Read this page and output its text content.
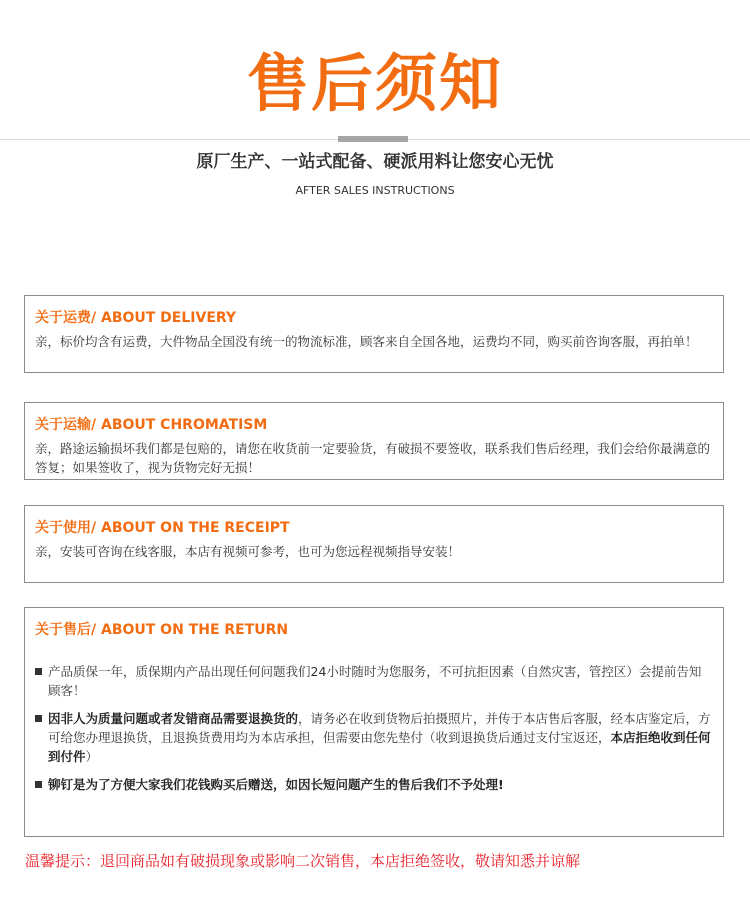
售后须知
原厂生产、一站式配备、硬派用料让您安心无忧
AFTER SALES INSTRUCTIONS
关于运费/ ABOUT DELIVERY
亲，标价均含有运费，大件物品全国没有统一的物流标准，顾客来自全国各地，运费均不同，购买前咨询客服，再拍单！
关于运输/ ABOUT CHROMATISM
亲，路途运输损坏我们都是包赔的，请您在收货前一定要验货，有破损不要签收，联系我们售后经理，我们会给你最满意的答复；如果签收了，视为货物完好无损！
关于使用/ ABOUT ON THE RECEIPT
亲，安装可咨询在线客服，本店有视频可参考，也可为您远程视频指导安装！
关于售后/ ABOUT ON THE RETURN
产品质保一年，质保期内产品出现任何问题我们24小时随时为您服务，不可抗拒因素（自然灾害，管控区）会提前告知顾客！
因非人为质量问题或者发错商品需要退换货的，请务必在收到货物后拍摄照片，并传于本店售后客服，经本店鉴定后，方可给您办理退换货，且退换货费用均为本店承担，但需要由您先垫付（收到退换货后通过支付宝返还，本店拒绝收到任何到付件）
铆钉是为了方便大家我们花钱购买后赠送，如因长短问题产生的售后我们不予处理!
温馨提示：退回商品如有破损现象或影响二次销售，本店拒绝签收，敬请知悉并谅解
